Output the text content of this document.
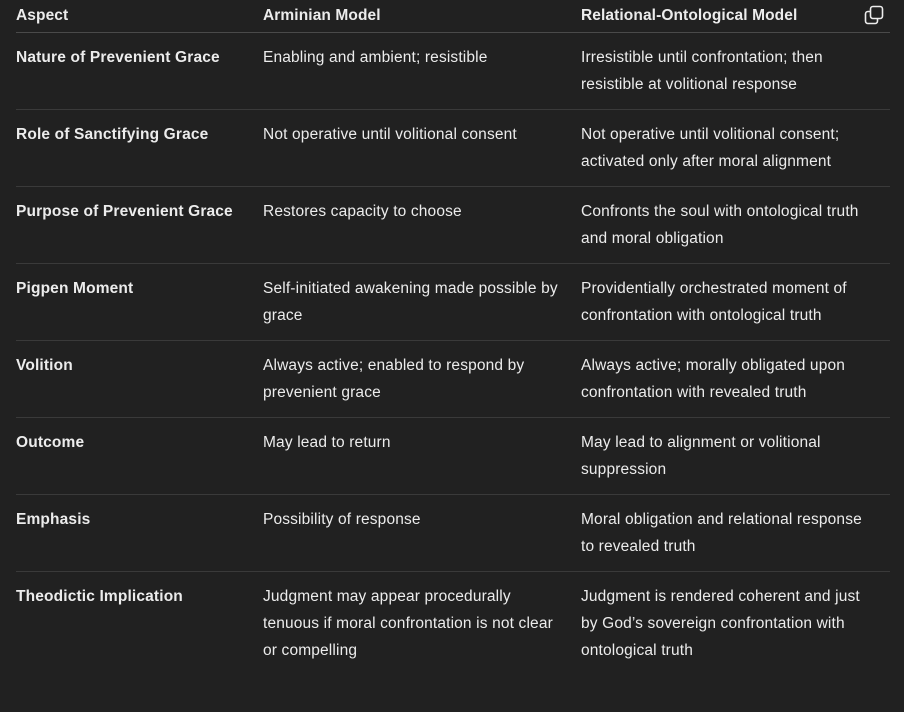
Aspect	Arminian Model	Relational-Ontological Model
Nature of Prevenient Grace	Enabling and ambient; resistible	Irresistible until confrontation; then resistible at volitional response
Role of Sanctifying Grace	Not operative until volitional consent	Not operative until volitional consent; activated only after moral alignment
Purpose of Prevenient Grace	Restores capacity to choose	Confronts the soul with ontological truth and moral obligation
Pigpen Moment	Self-initiated awakening made possible by grace	Providentially orchestrated moment of confrontation with ontological truth
Volition	Always active; enabled to respond by prevenient grace	Always active; morally obligated upon confrontation with revealed truth
Outcome	May lead to return	May lead to alignment or volitional suppression
Emphasis	Possibility of response	Moral obligation and relational response to revealed truth
Theodictic Implication	Judgment may appear procedurally tenuous if moral confrontation is not clear or compelling	Judgment is rendered coherent and just by God’s sovereign confrontation with ontological truth
